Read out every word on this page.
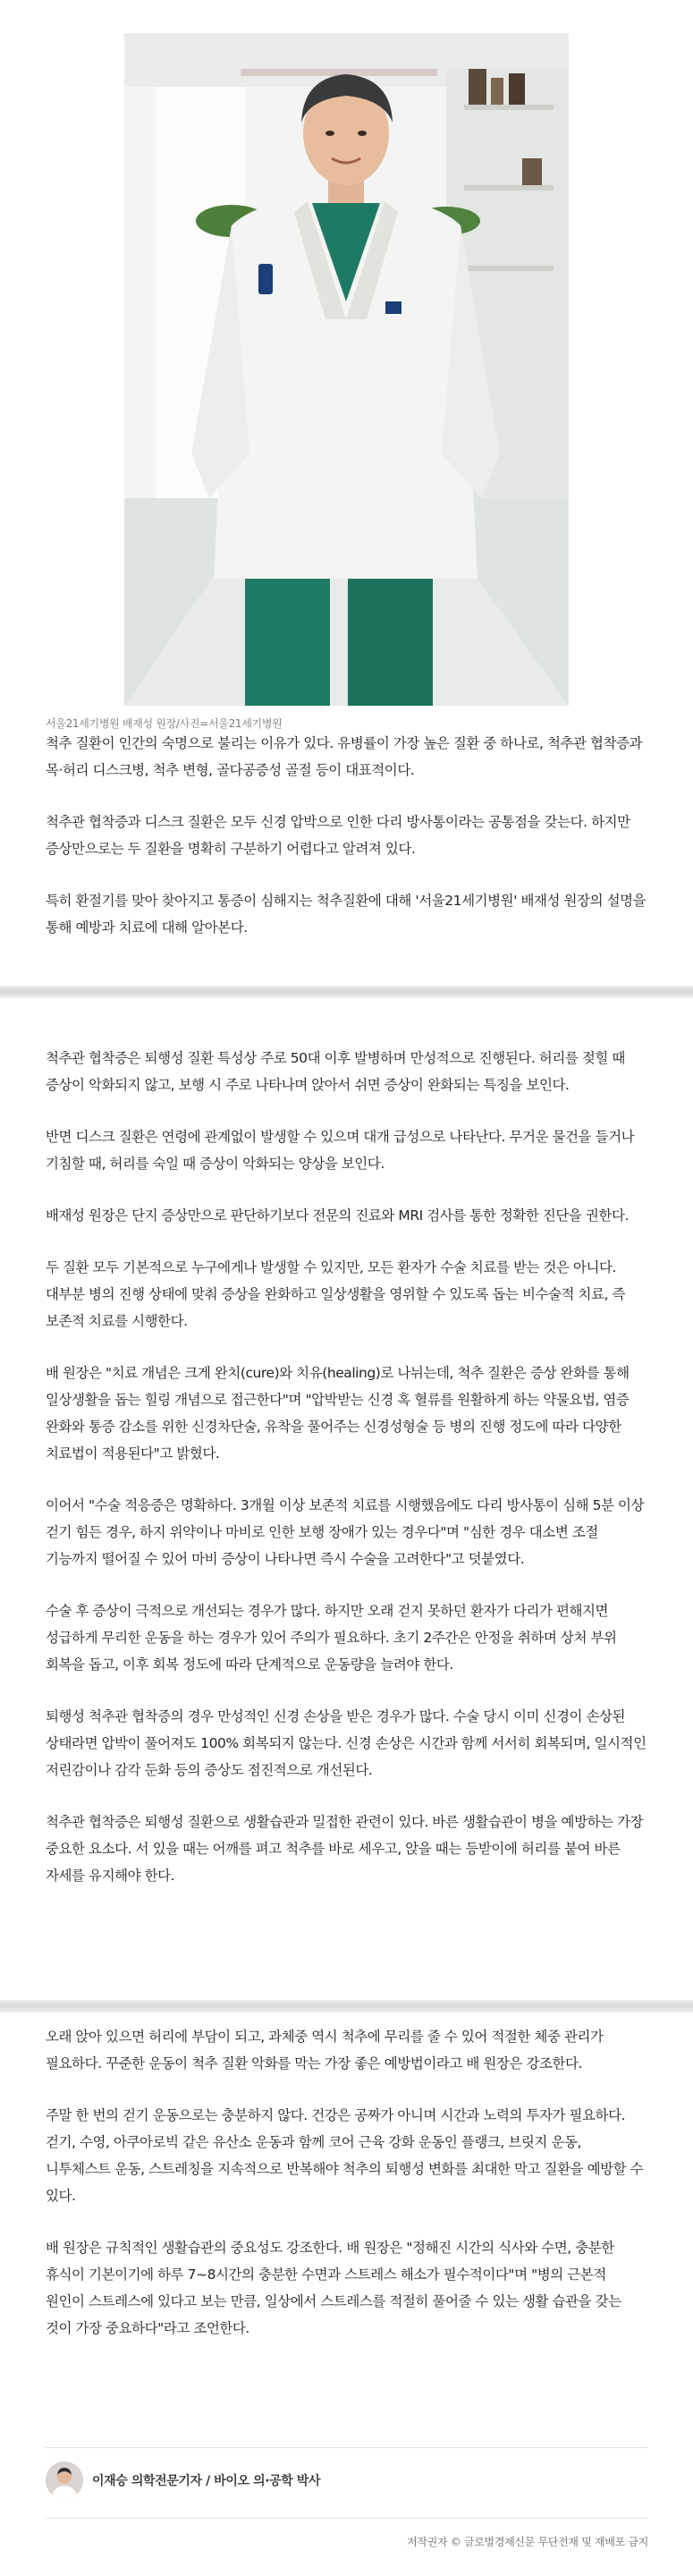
서울21세기병원 배재성 원장/사진=서울21세기병원

척추 질환이 인간의 숙명으로 불리는 이유가 있다. 유병률이 가장 높은 질환 중 하나로, 척추관 협착증과 목·허리 디스크병, 척추 변형, 골다공증성 골절 등이 대표적이다.

척추관 협착증과 디스크 질환은 모두 신경 압박으로 인한 다리 방사통이라는 공통점을 갖는다. 하지만 증상만으로는 두 질환을 명확히 구분하기 어렵다고 알려져 있다.

특히 환절기를 맞아 찾아지고 통증이 심해지는 척추질환에 대해 '서울21세기병원' 배재성 원장의 설명을 통해 예방과 치료에 대해 알아본다.

척추관 협착증은 퇴행성 질환 특성상 주로 50대 이후 발병하며 만성적으로 진행된다. 허리를 젖힐 때 증상이 악화되지 않고, 보행 시 주로 나타나며 앉아서 쉬면 증상이 완화되는 특징을 보인다.

반면 디스크 질환은 연령에 관계없이 발생할 수 있으며 대개 급성으로 나타난다. 무거운 물건을 들거나 기침할 때, 허리를 숙일 때 증상이 악화되는 양상을 보인다.

배재성 원장은 단지 증상만으로 판단하기보다 전문의 진료와 MRI 검사를 통한 정확한 진단을 권한다.

두 질환 모두 기본적으로 누구에게나 발생할 수 있지만, 모든 환자가 수술 치료를 받는 것은 아니다. 대부분 병의 진행 상태에 맞춰 증상을 완화하고 일상생활을 영위할 수 있도록 돕는 비수술적 치료, 즉 보존적 치료를 시행한다.

배 원장은 "치료 개념은 크게 완치(cure)와 치유(healing)로 나뉘는데, 척추 질환은 증상 완화를 통해 일상생활을 돕는 힐링 개념으로 접근한다"며 "압박받는 신경 혹 혈류를 원활하게 하는 약물요법, 염증 완화와 통증 감소를 위한 신경차단술, 유착을 풀어주는 신경성형술 등 병의 진행 정도에 따라 다양한 치료법이 적용된다"고 밝혔다.

이어서 "수술 적응증은 명확하다. 3개월 이상 보존적 치료를 시행했음에도 다리 방사통이 심해 5분 이상 걷기 힘든 경우, 하지 위약이나 마비로 인한 보행 장애가 있는 경우다"며 "심한 경우 대소변 조절 기능까지 떨어질 수 있어 마비 증상이 나타나면 즉시 수술을 고려한다"고 덧붙였다.

수술 후 증상이 극적으로 개선되는 경우가 많다. 하지만 오래 걷지 못하던 환자가 다리가 편해지면 성급하게 무리한 운동을 하는 경우가 있어 주의가 필요하다. 초기 2주간은 안정을 취하며 상처 부위 회복을 돕고, 이후 회복 정도에 따라 단계적으로 운동량을 늘려야 한다.

퇴행성 척추관 협착증의 경우 만성적인 신경 손상을 받은 경우가 많다. 수술 당시 이미 신경이 손상된 상태라면 압박이 풀어져도 100% 회복되지 않는다. 신경 손상은 시간과 함께 서서히 회복되며, 일시적인 저린감이나 감각 둔화 등의 증상도 점진적으로 개선된다.

척추관 협착증은 퇴행성 질환으로 생활습관과 밀접한 관련이 있다. 바른 생활습관이 병을 예방하는 가장 중요한 요소다. 서 있을 때는 어깨를 펴고 척추를 바로 세우고, 앉을 때는 등받이에 허리를 붙여 바른 자세를 유지해야 한다.

오래 앉아 있으면 허리에 부담이 되고, 과체중 역시 척추에 무리를 줄 수 있어 적절한 체중 관리가 필요하다. 꾸준한 운동이 척추 질환 악화를 막는 가장 좋은 예방법이라고 배 원장은 강조한다.

주말 한 번의 걷기 운동으로는 충분하지 않다. 건강은 공짜가 아니며 시간과 노력의 투자가 필요하다. 걷기, 수영, 아쿠아로빅 같은 유산소 운동과 함께 코어 근육 강화 운동인 플랭크, 브릿지 운동, 니투체스트 운동, 스트레칭을 지속적으로 반복해야 척추의 퇴행성 변화를 최대한 막고 질환을 예방할 수 있다.

배 원장은 규칙적인 생활습관의 중요성도 강조한다. 배 원장은 "정해진 시간의 식사와 수면, 충분한 휴식이 기본이기에 하루 7~8시간의 충분한 수면과 스트레스 해소가 필수적이다"며 "병의 근본적 원인이 스트레스에 있다고 보는 만큼, 일상에서 스트레스를 적절히 풀어줄 수 있는 생활 습관을 갖는 것이 가장 중요하다"라고 조언한다.

이재승 의학전문기자 / 바이오 의·공학 박사
저작권자 © 글로벌경제신문 무단전재 및 재배포 금지
